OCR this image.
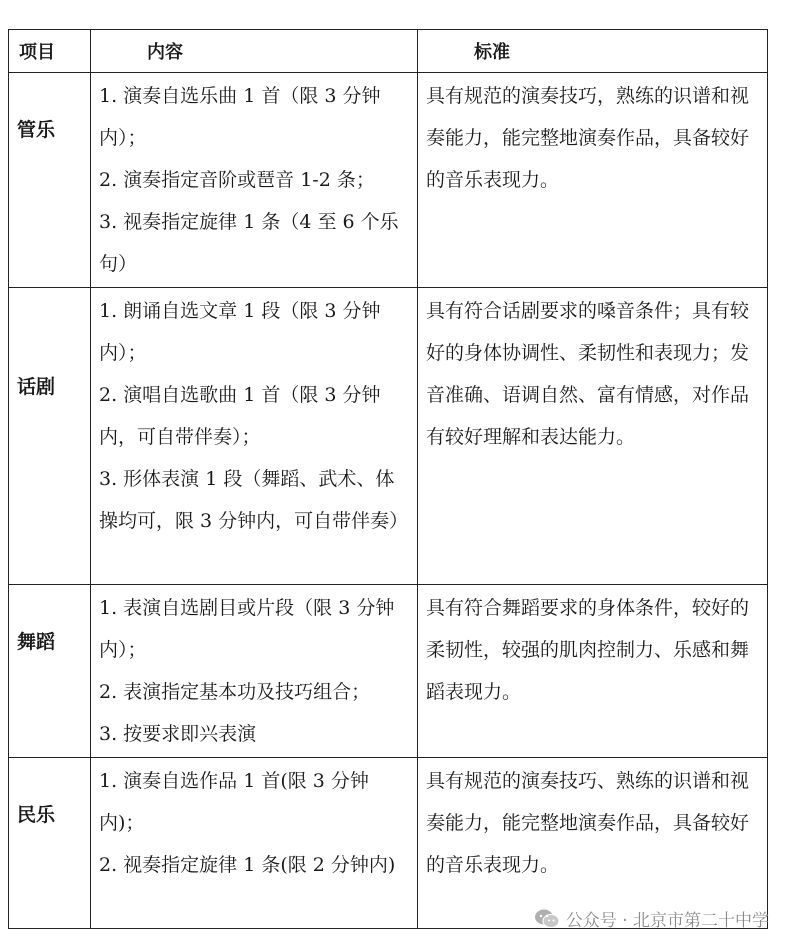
项目	内容	标准

管乐	1. 演奏自选乐曲 1 首（限 3 分钟内）；

2. 演奏指定音阶或琶音 1-2 条；

3. 视奏指定旋律 1 条（4 至 6 个乐句）	具有规范的演奏技巧，熟练的识谱和视奏能力，能完整地演奏作品，具备较好的音乐表现力。

话剧	1. 朗诵自选文章 1 段（限 3 分钟内）；

2. 演唱自选歌曲 1 首（限 3 分钟内，可自带伴奏）；

3. 形体表演 1 段（舞蹈、武术、体操均可，限 3 分钟内，可自带伴奏）	具有符合话剧要求的嗓音条件；具有较好的身体协调性、柔韧性和表现力；发音准确、语调自然、富有情感，对作品有较好理解和表达能力。

舞蹈	1. 表演自选剧目或片段（限 3 分钟内）；

2. 表演指定基本功及技巧组合；

3. 按要求即兴表演	具有符合舞蹈要求的身体条件，较好的柔韧性，较强的肌肉控制力、乐感和舞蹈表现力。

民乐	1. 演奏自选作品 1 首(限 3 分钟内)；

2. 视奏指定旋律 1 条(限 2 分钟内)	具有规范的演奏技巧、熟练的识谱和视奏能力，能完整地演奏作品，具备较好的音乐表现力。

公众号 · 北京市第二十中学
